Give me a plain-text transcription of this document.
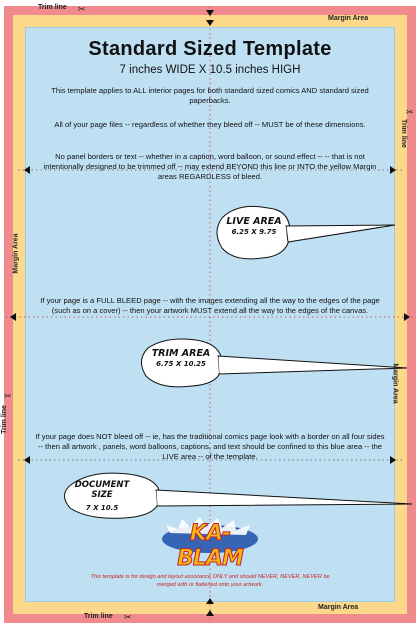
Trim line ✂
Margin Area
Trim line
✂
Margin Area
Margin Area
✂
Trim line
Trim line ✂
Margin Area
Standard Sized Template
7 inches WIDE X 10.5 inches HIGH
This template applies to ALL interior pages for both standard sized comics AND standard sized paperbacks.
All of your page files -- regardless of whether they bleed off -- MUST be of these dimensions.
No panel borders or text -- whether in a caption, word balloon, or sound effect -- -- that is not intentionally designed to be trimmed off -- may extend BEYOND this line or INTO the yellow Margin areas REGARDLESS of bleed.
If your page is a FULL BLEED page -- with the images extending all the way to the edges of the page (such as on a cover) -- then your artwork MUST extend all the way to the edges of the canvas.
If your page does NOT bleed off -- ie, has the traditional comics page look with a border on all four sides -- then all artwork , panels, word balloons, captions, and text should be confined to this blue area -- the LIVE area -- of the template.
LIVE AREA
6.25 X 9.75
TRIM AREA
6.75 X 10.25
DOCUMENT SIZE
7 X 10.5
KA-BLAM
This template is for design and layout assistance ONLY and should NEVER, NEVER, NEVER be merged with or flattened onto your artwork.
